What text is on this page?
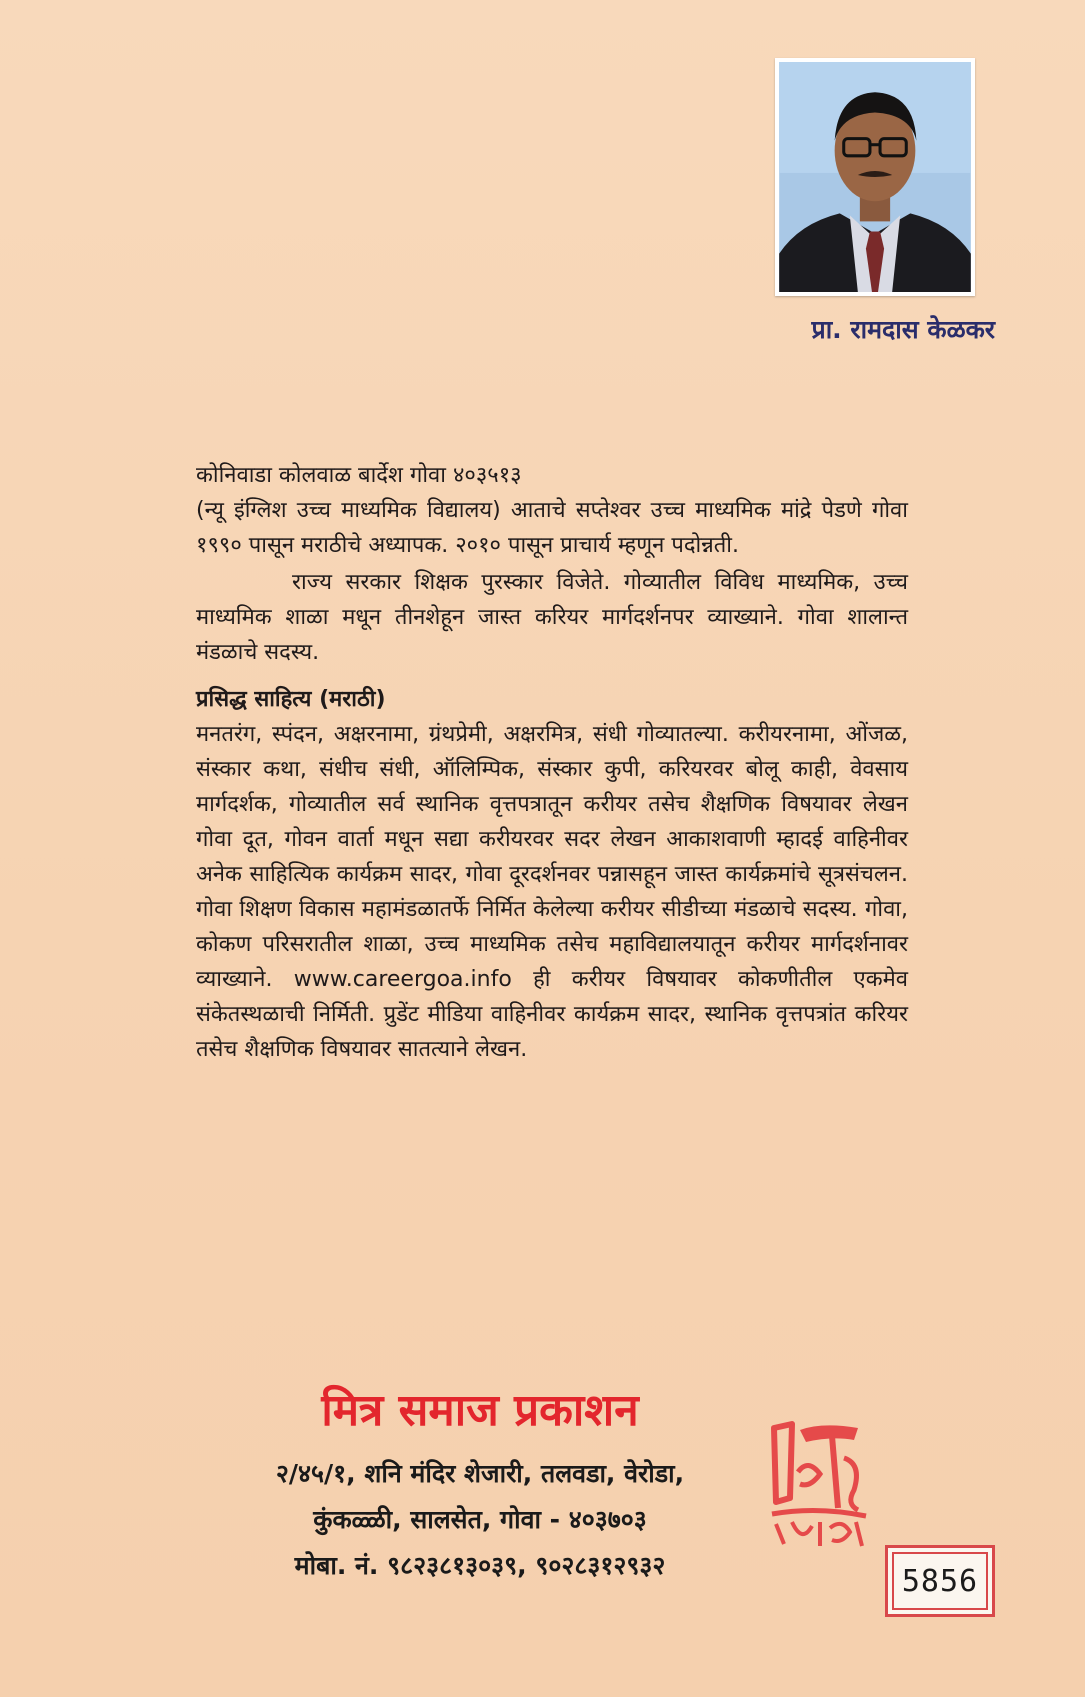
प्रा. रामदास केळकर

कोनिवाडा कोलवाळ बार्देश गोवा ४०३५१३

(न्यू इंग्लिश उच्च माध्यमिक विद्यालय) आताचे सप्तेश्वर उच्च माध्यमिक मांद्रे पेडणे गोवा १९९० पासून मराठीचे अध्यापक. २०१० पासून प्राचार्य म्हणून पदोन्नती.

राज्य सरकार शिक्षक पुरस्कार विजेते. गोव्यातील विविध माध्यमिक, उच्च माध्यमिक शाळा मधून तीनशेहून जास्त करियर मार्गदर्शनपर व्याख्याने. गोवा शालान्त मंडळाचे सदस्य.

प्रसिद्ध साहित्य (मराठी)

मनतरंग, स्पंदन, अक्षरनामा, ग्रंथप्रेमी, अक्षरमित्र, संधी गोव्यातल्या. करीयरनामा, ओंजळ, संस्कार कथा, संधीच संधी, ऑलिम्पिक, संस्कार कुपी, करियरवर बोलू काही, वेवसाय मार्गदर्शक, गोव्यातील सर्व स्थानिक वृत्तपत्रातून करीयर तसेच शैक्षणिक विषयावर लेखन गोवा दूत, गोवन वार्ता मधून सद्या करीयरवर सदर लेखन आकाशवाणी म्हादई वाहिनीवर अनेक साहित्यिक कार्यक्रम सादर, गोवा दूरदर्शनवर पन्नासहून जास्त कार्यक्रमांचे सूत्रसंचलन. गोवा शिक्षण विकास महामंडळातर्फे निर्मित केलेल्या करीयर सीडीच्या मंडळाचे सदस्य. गोवा, कोकण परिसरातील शाळा, उच्च माध्यमिक तसेच महाविद्यालयातून करीयर मार्गदर्शनावर व्याख्याने. www.careergoa.info ही करीयर विषयावर कोकणीतील एकमेव संकेतस्थळाची निर्मिती. प्रुडेंट मीडिया वाहिनीवर कार्यक्रम सादर, स्थानिक वृत्तपत्रांत करियर तसेच शैक्षणिक विषयावर सातत्याने लेखन.

मित्र समाज प्रकाशन
२/४५/१, शनि मंदिर शेजारी, तलवडा, वेरोडा,
कुंकळ्ळी, सालसेत, गोवा - ४०३७०३
5856
मोबा. नं. ९८२३८१३०३९, ९०२८३१२९३२
